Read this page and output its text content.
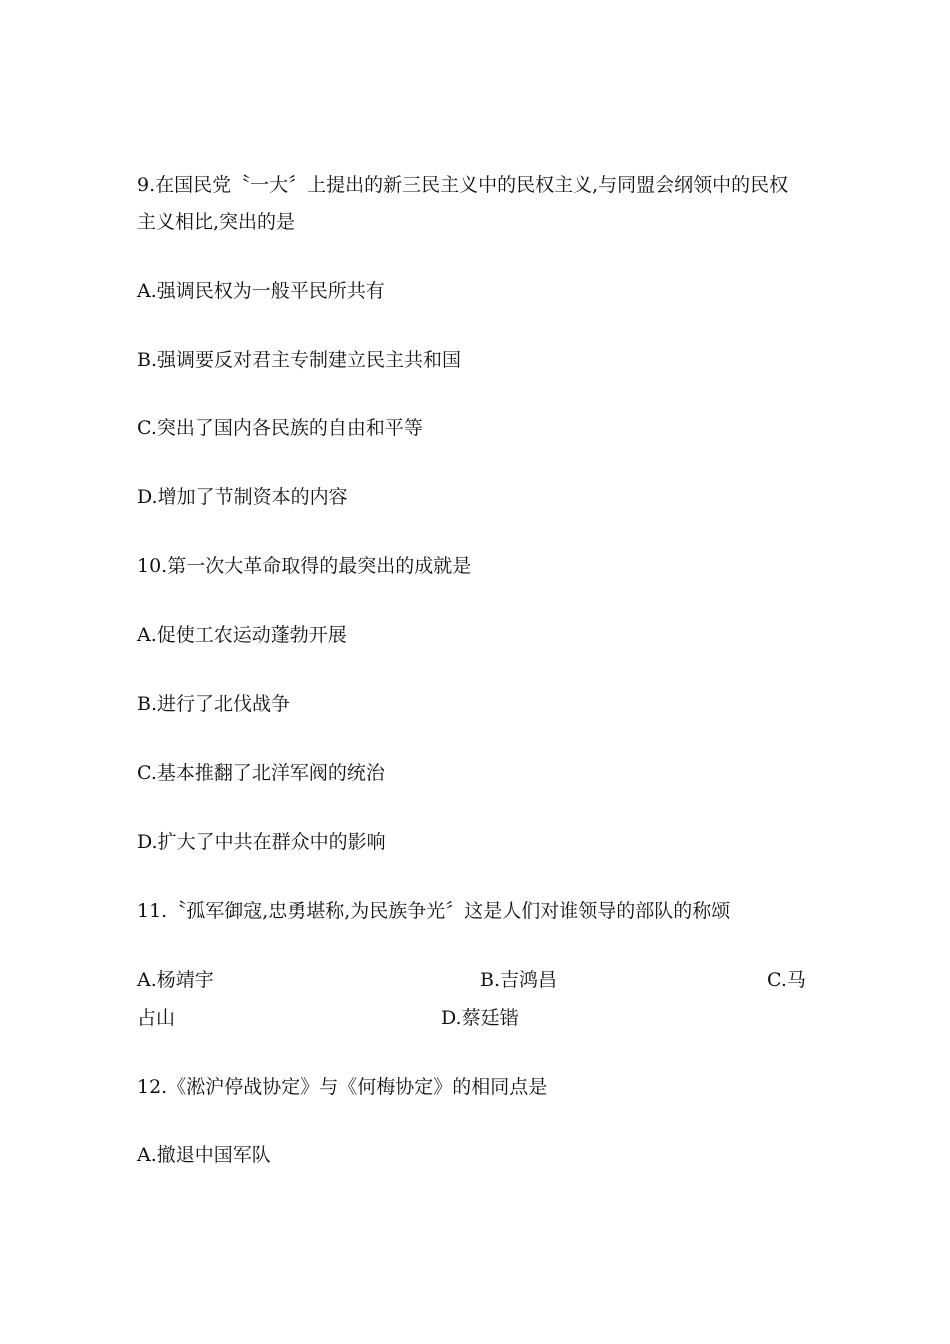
9.在国民党〝一大〞上提出的新三民主义中的民权主义,与同盟会纲领中的民权
主义相比,突出的是
A.强调民权为一般平民所共有
B.强调要反对君主专制建立民主共和国
C.突出了国内各民族的自由和平等
D.增加了节制资本的内容
10.第一次大革命取得的最突出的成就是
A.促使工农运动蓬勃开展
B.进行了北伐战争
C.基本推翻了北洋军阀的统治
D.扩大了中共在群众中的影响
11.〝孤军御寇,忠勇堪称,为民族争光〞这是人们对谁领导的部队的称颂
A.杨靖宇	B.吉鸿昌	C.马
占山	D.蔡廷锴
12.《淞沪停战协定》与《何梅协定》的相同点是
A.撤退中国军队
